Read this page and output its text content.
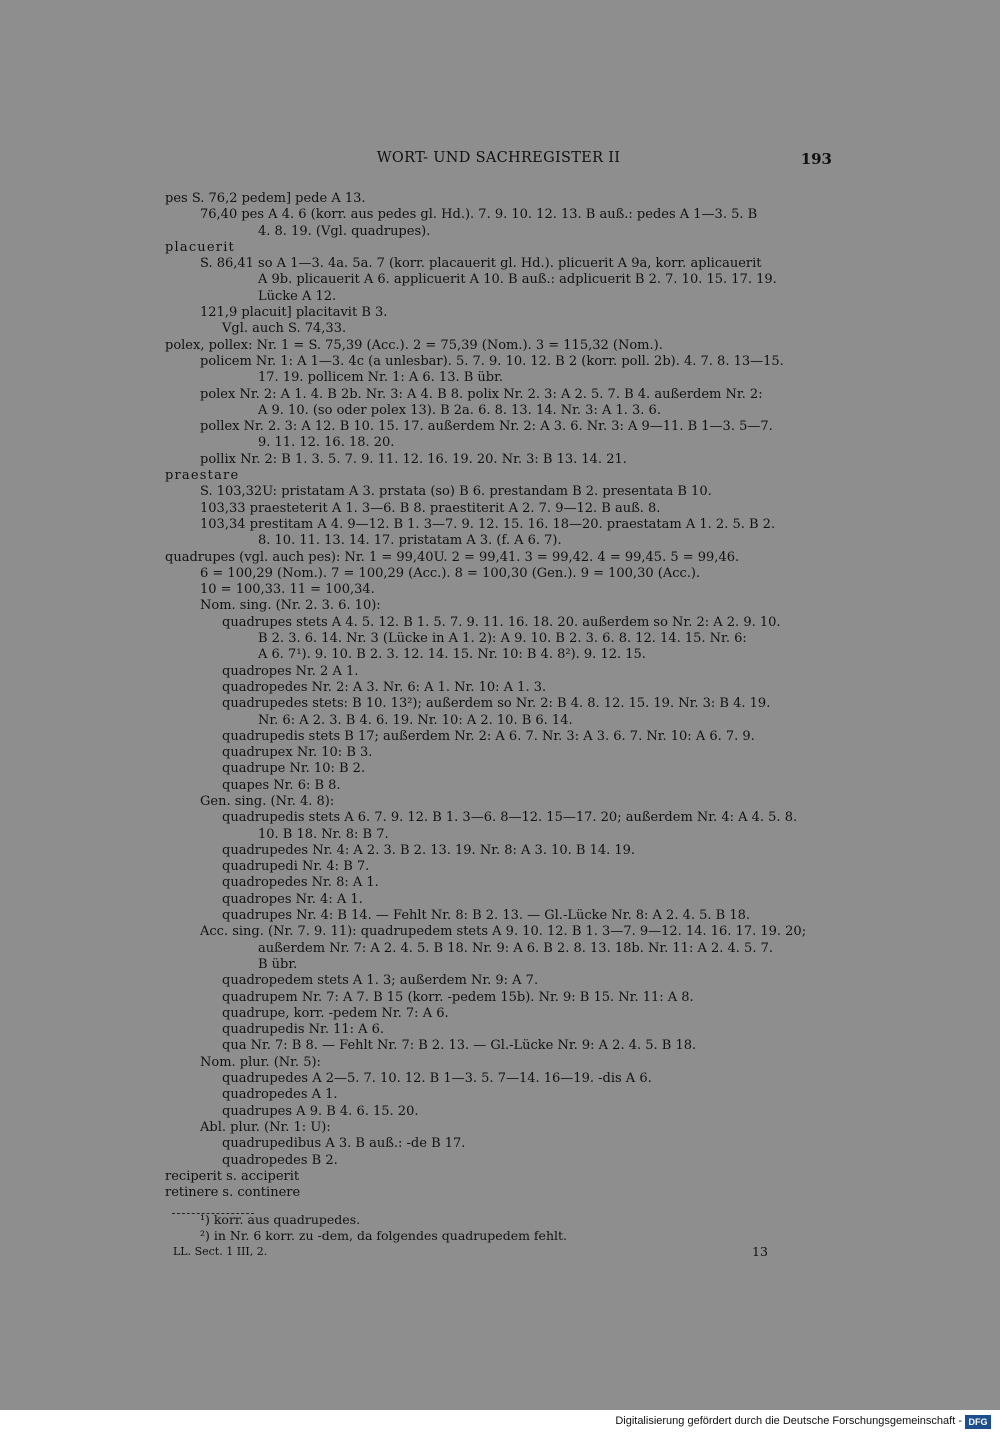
WORT- UND SACHREGISTER II	193
pes S. 76,2 pedem] pede A 13.
76,40 pes A 4. 6 (korr. aus pedes gl. Hd.). 7. 9. 10. 12. 13. B auß.: pedes A 1—3. 5. B
4. 8. 19. (Vgl. quadrupes).
placuerit
S. 86,41 so A 1—3. 4a. 5a. 7 (korr. placauerit gl. Hd.). plicuerit A 9a, korr. aplicauerit
A 9b. plicauerit A 6. applicuerit A 10. B auß.: adplicuerit B 2. 7. 10. 15. 17. 19.
Lücke A 12.
121,9 placuit] placitavit B 3.
Vgl. auch S. 74,33.
polex, pollex: Nr. 1 = S. 75,39 (Acc.). 2 = 75,39 (Nom.). 3 = 115,32 (Nom.).
policem Nr. 1: A 1—3. 4c (a unlesbar). 5. 7. 9. 10. 12. B 2 (korr. poll. 2b). 4. 7. 8. 13—15.
17. 19. pollicem Nr. 1: A 6. 13. B übr.
polex Nr. 2: A 1. 4. B 2b. Nr. 3: A 4. B 8. polix Nr. 2. 3: A 2. 5. 7. B 4. außerdem Nr. 2:
A 9. 10. (so oder polex 13). B 2a. 6. 8. 13. 14. Nr. 3: A 1. 3. 6.
pollex Nr. 2. 3: A 12. B 10. 15. 17. außerdem Nr. 2: A 3. 6. Nr. 3: A 9—11. B 1—3. 5—7.
9. 11. 12. 16. 18. 20.
pollix Nr. 2: B 1. 3. 5. 7. 9. 11. 12. 16. 19. 20. Nr. 3: B 13. 14. 21.
praestare
S. 103,32Ü: pristatam A 3. prstata (so) B 6. prestandam B 2. presentata B 10.
103,33 praesteterit A 1. 3—6. B 8. praestiterit A 2. 7. 9—12. B auß. 8.
103,34 prestitam A 4. 9—12. B 1. 3—7. 9. 12. 15. 16. 18—20. praestatam A 1. 2. 5. B 2.
8. 10. 11. 13. 14. 17. pristatam A 3. (f. A 6. 7).
quadrupes (vgl. auch pes): Nr. 1 = 99,40Ü. 2 = 99,41. 3 = 99,42. 4 = 99,45. 5 = 99,46.
6 = 100,29 (Nom.). 7 = 100,29 (Acc.). 8 = 100,30 (Gen.). 9 = 100,30 (Acc.).
10 = 100,33. 11 = 100,34.
Nom. sing. (Nr. 2. 3. 6. 10):
quadrupes stets A 4. 5. 12. B 1. 5. 7. 9. 11. 16. 18. 20. außerdem so Nr. 2: A 2. 9. 10.
B 2. 3. 6. 14. Nr. 3 (Lücke in A 1. 2): A 9. 10. B 2. 3. 6. 8. 12. 14. 15. Nr. 6:
A 6. 7¹). 9. 10. B 2. 3. 12. 14. 15. Nr. 10: B 4. 8²). 9. 12. 15.
quadropes Nr. 2 A 1.
quadropedes Nr. 2: A 3. Nr. 6: A 1. Nr. 10: A 1. 3.
quadrupedes stets: B 10. 13²); außerdem so Nr. 2: B 4. 8. 12. 15. 19. Nr. 3: B 4. 19.
Nr. 6: A 2. 3. B 4. 6. 19. Nr. 10: A 2. 10. B 6. 14.
quadrupedis stets B 17; außerdem Nr. 2: A 6. 7. Nr. 3: A 3. 6. 7. Nr. 10: A 6. 7. 9.
quadrupex Nr. 10: B 3.
quadrupe Nr. 10: B 2.
quapes Nr. 6: B 8.
Gen. sing. (Nr. 4. 8):
quadrupedis stets A 6. 7. 9. 12. B 1. 3—6. 8—12. 15—17. 20; außerdem Nr. 4: A 4. 5. 8.
10. B 18. Nr. 8: B 7.
quadrupedes Nr. 4: A 2. 3. B 2. 13. 19. Nr. 8: A 3. 10. B 14. 19.
quadrupedi Nr. 4: B 7.
quadropedes Nr. 8: A 1.
quadropes Nr. 4: A 1.
quadrupes Nr. 4: B 14. — Fehlt Nr. 8: B 2. 13. — Gl.-Lücke Nr. 8: A 2. 4. 5. B 18.
Acc. sing. (Nr. 7. 9. 11): quadrupedem stets A 9. 10. 12. B 1. 3—7. 9—12. 14. 16. 17. 19. 20;
außerdem Nr. 7: A 2. 4. 5. B 18. Nr. 9: A 6. B 2. 8. 13. 18b. Nr. 11: A 2. 4. 5. 7.
B übr.
quadropedem stets A 1. 3; außerdem Nr. 9: A 7.
quadrupem Nr. 7: A 7. B 15 (korr. -pedem 15b). Nr. 9: B 15. Nr. 11: A 8.
quadrupe, korr. -pedem Nr. 7: A 6.
quadrupedis Nr. 11: A 6.
qua Nr. 7: B 8. — Fehlt Nr. 7: B 2. 13. — Gl.-Lücke Nr. 9: A 2. 4. 5. B 18.
Nom. plur. (Nr. 5):
quadrupedes A 2—5. 7. 10. 12. B 1—3. 5. 7—14. 16—19. -dis A 6.
quadropedes A 1.
quadrupes A 9. B 4. 6. 15. 20.
Abl. plur. (Nr. 1: Ü):
quadrupedibus A 3. B auß.: -de B 17.
quadropedes B 2.
reciperit s. acciperit
retinere s. continere
¹) korr. aus quadrupedes.
²) in Nr. 6 korr. zu -dem, da folgendes quadrupedem fehlt.
LL. Sect. 1 III, 2.	13
Digitalisierung gefördert durch die Deutsche Forschungsgemeinschaft - DFG
